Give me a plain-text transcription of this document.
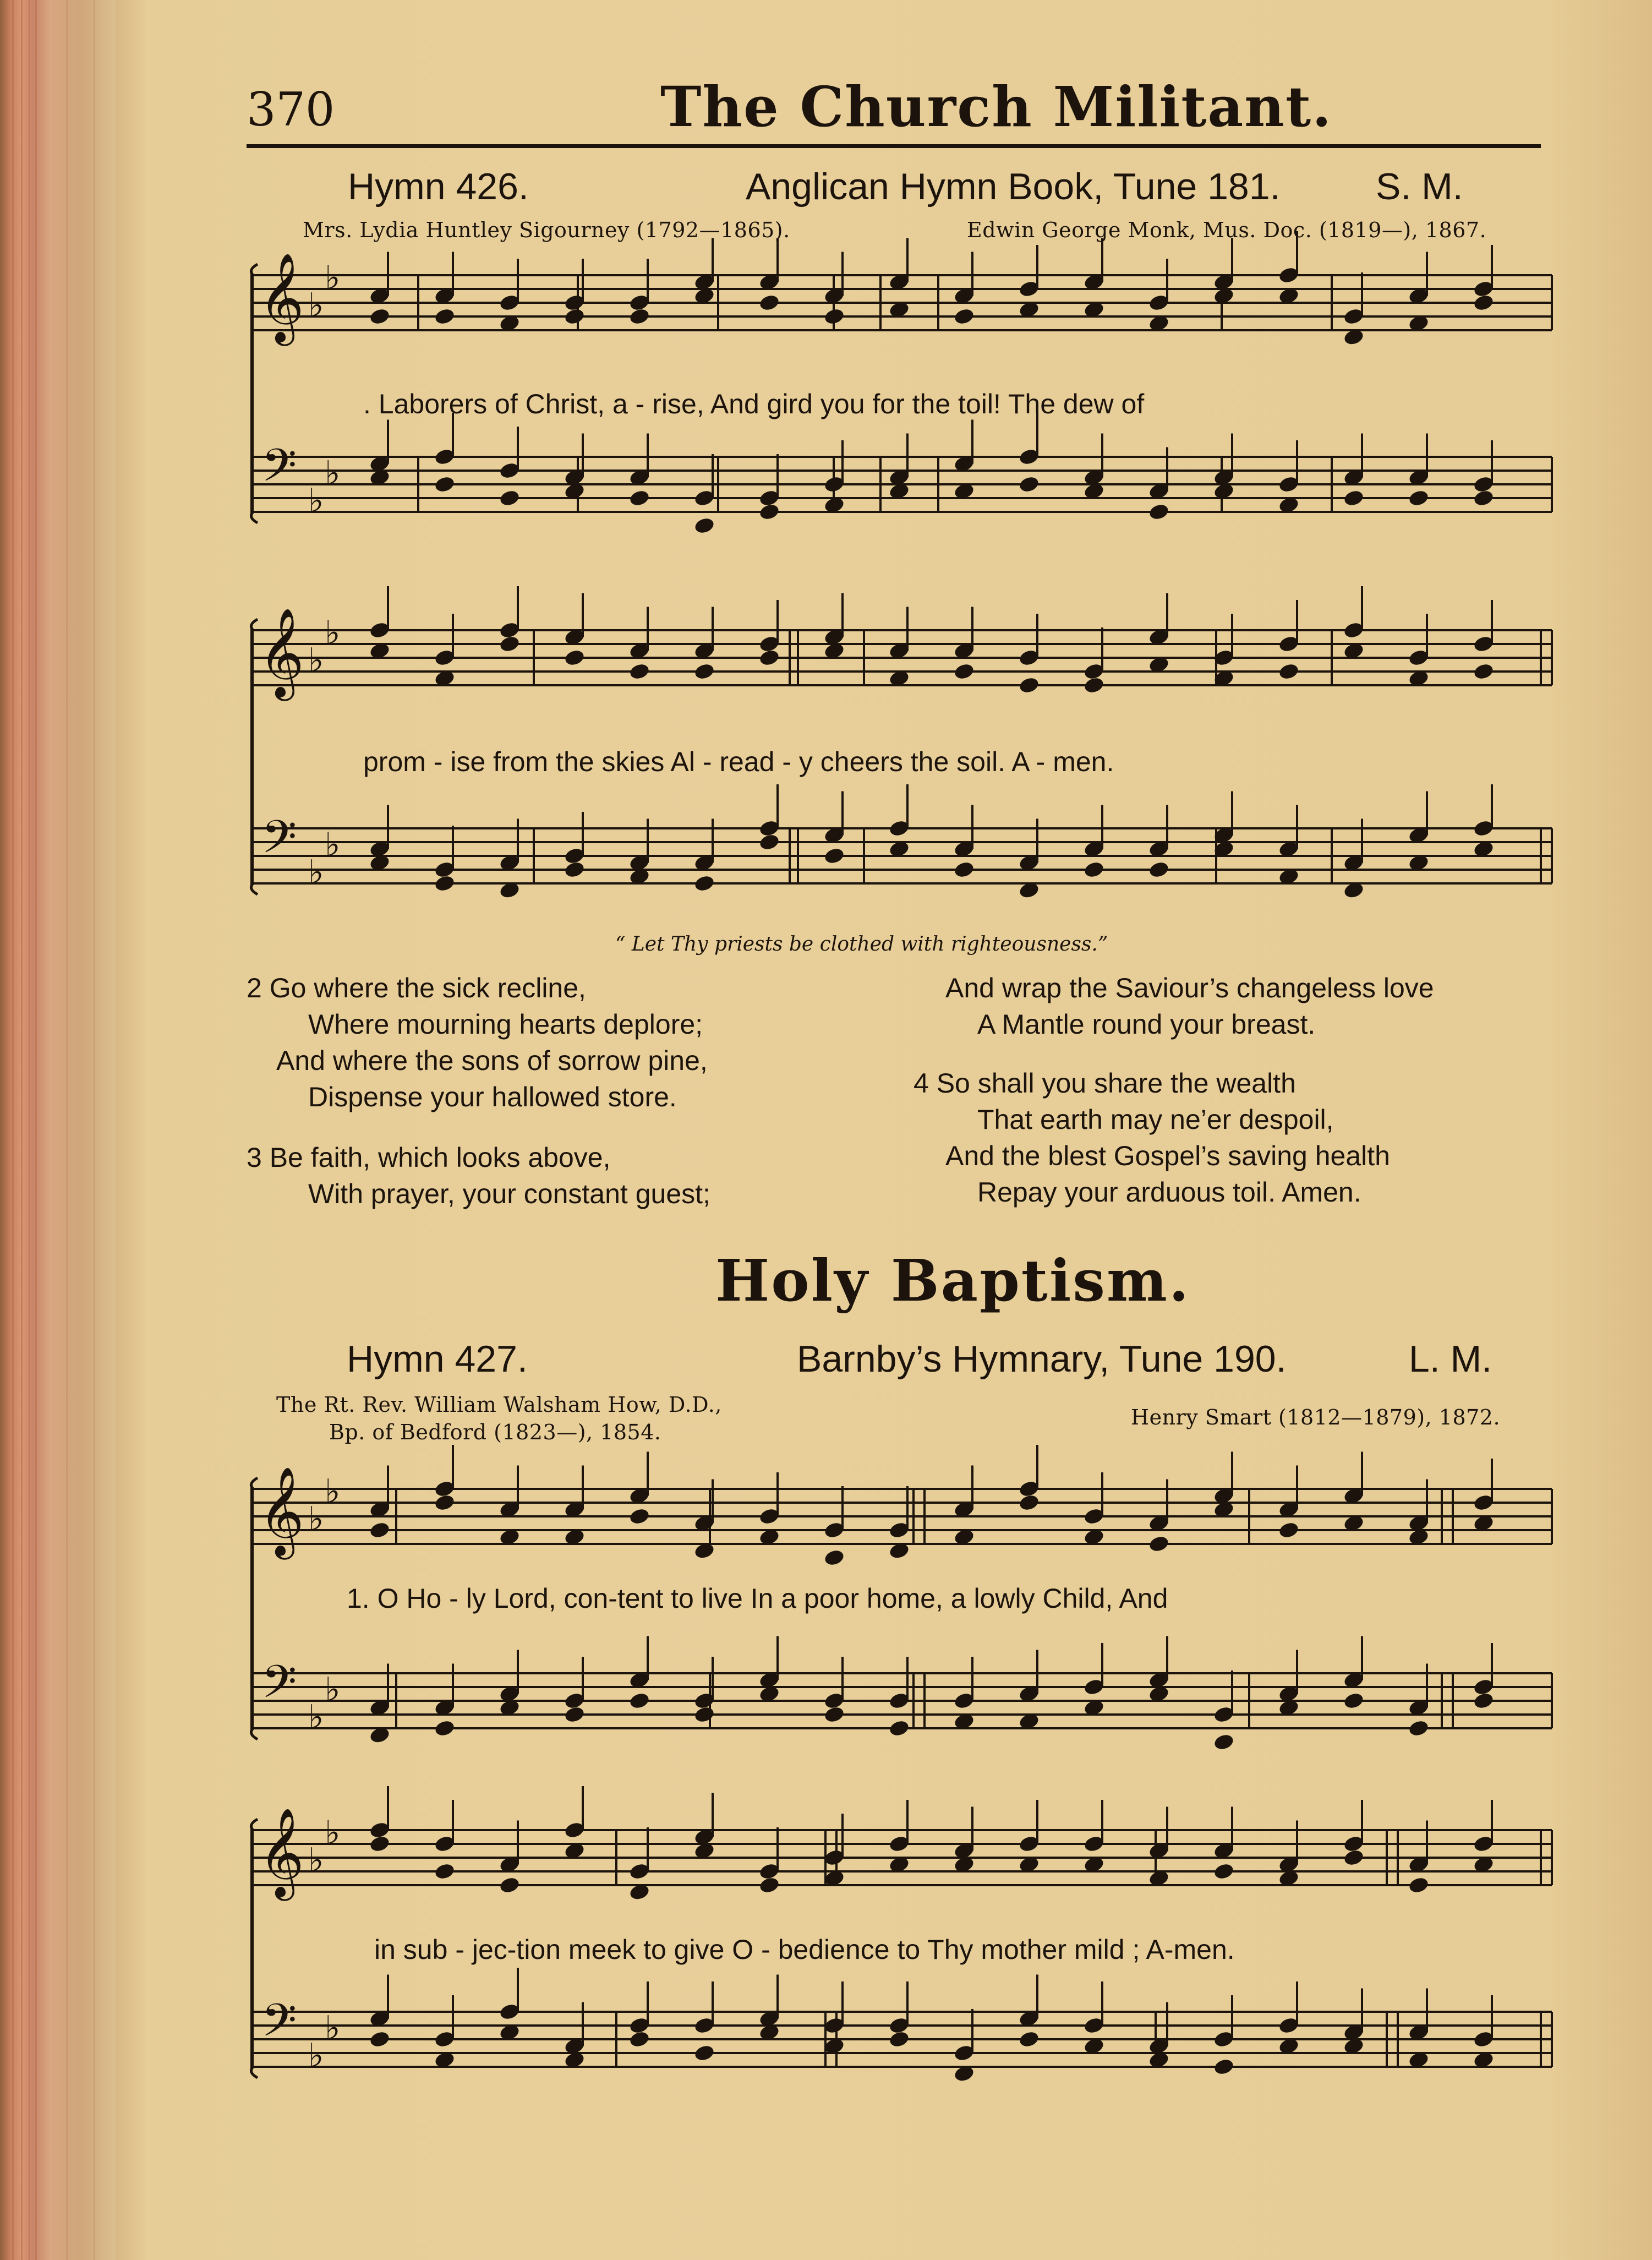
370	The Church Militant.
Hymn 426.	Anglican Hymn Book, Tune 181.	S. M.
Mrs. Lydia Huntley Sigourney (1792—1865).	Edwin George Monk, Mus. Doc. (1819—), 1867.
𝄞
𝄢
♭
♭
♭
♭
𝄞
𝄢
♭
♭
♭
♭
𝄞
𝄢
♭
♭
♭
♭
𝄞
𝄢
♭
♭
♭
♭
. Laborers of Christ, a - rise, And gird you for the toil! The dew of
prom - ise from the skies Al - read - y cheers the soil. A - men.
“ Let Thy priests be clothed with righteousness.”
2 Go where the sick recline,
Where mourning hearts deplore;
And where the sons of sorrow pine,
Dispense your hallowed store.
3 Be faith, which looks above,
With prayer, your constant guest;
And wrap the Saviour’s changeless love
A Mantle round your breast.
4 So shall you share the wealth
That earth may ne’er despoil,
And the blest Gospel’s saving health
Repay your arduous toil. Amen.
Holy Baptism.
Hymn 427.	Barnby’s Hymnary, Tune 190.	L. M.
The Rt. Rev. William Walsham How, D.D.,
Bp. of Bedford (1823—), 1854.
Henry Smart (1812—1879), 1872.
1. O Ho - ly Lord, con-tent to live In a poor home, a lowly Child, And
in sub - jec-tion meek to give O - bedience to Thy mother mild ; A-men.
